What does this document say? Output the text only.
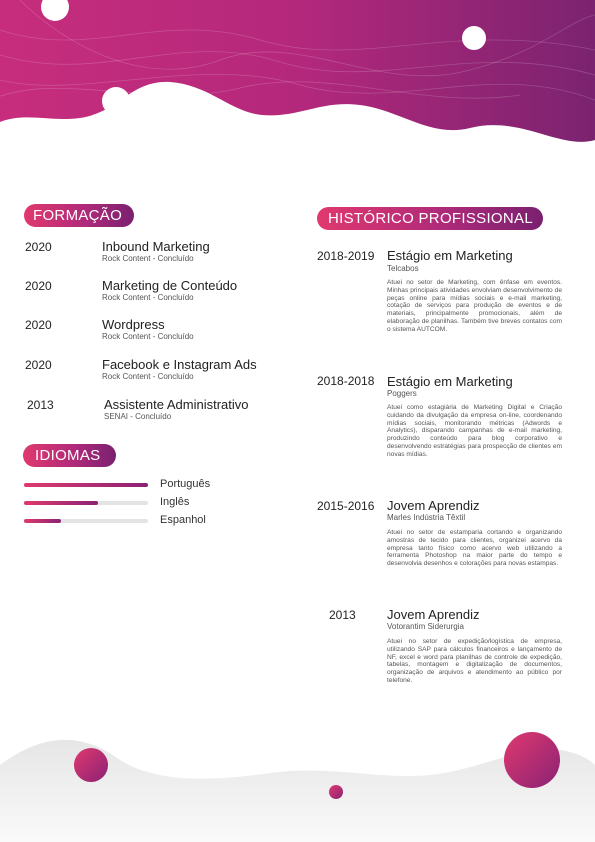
FORMAÇÃO
2020	Inbound Marketing
Rock Content - Concluído
2020	Marketing de Conteúdo
Rock Content - Concluído
2020	Wordpress
Rock Content - Concluído
2020	Facebook e Instagram Ads
Rock Content - Concluído
2013	Assistente Administrativo
SENAI - Concluído
IDIOMAS
Português
Inglês
Espanhol
HISTÓRICO PROFISSIONAL
2018-2019 Estágio em Marketing
Telcabos
Atuei no setor de Marketing, com ênfase em eventos. Minhas principais atividades envolviam desenvolvimento de peças online para mídias sociais e e-mail marketing, cotação de serviços para produção de eventos e de materiais, principalmente promocionais, além de elaboração de planilhas. Também tive breves contatos com o sistema AUTCOM.
2018-2018 Estágio em Marketing
Poggers
Atuei como estagiária de Marketing Digital e Criação cuidando da divulgação da empresa on-line, coordenando mídias sociais, monitorando métricas (Adwords e Analytics), disparando campanhas de e-mail marketing, produzindo conteúdo para blog corporativo e desenvolvendo estratégias para prospecção de clientes em novas mídias.
2015-2016 Jovem Aprendiz
Marles Indústria Têxtil
Atuei no setor de estamparia cortando e organizando amostras de tecido para clientes, organizei acervo da empresa tanto físico como acervo web utilizando a ferramenta Photoshop na maior parte do tempo e desenvolvia desenhos e colorações para novas estampas.
2013 Jovem Aprendiz
Votorantim Siderurgia
Atuei no setor de expedição/logística de empresa, utilizando SAP para cálculos financeiros e lançamento de NF, excel e word para planilhas de controle de expedição, tabelas, montagem e digitalização de documentos, organização de arquivos e atendimento ao público por telefone.
